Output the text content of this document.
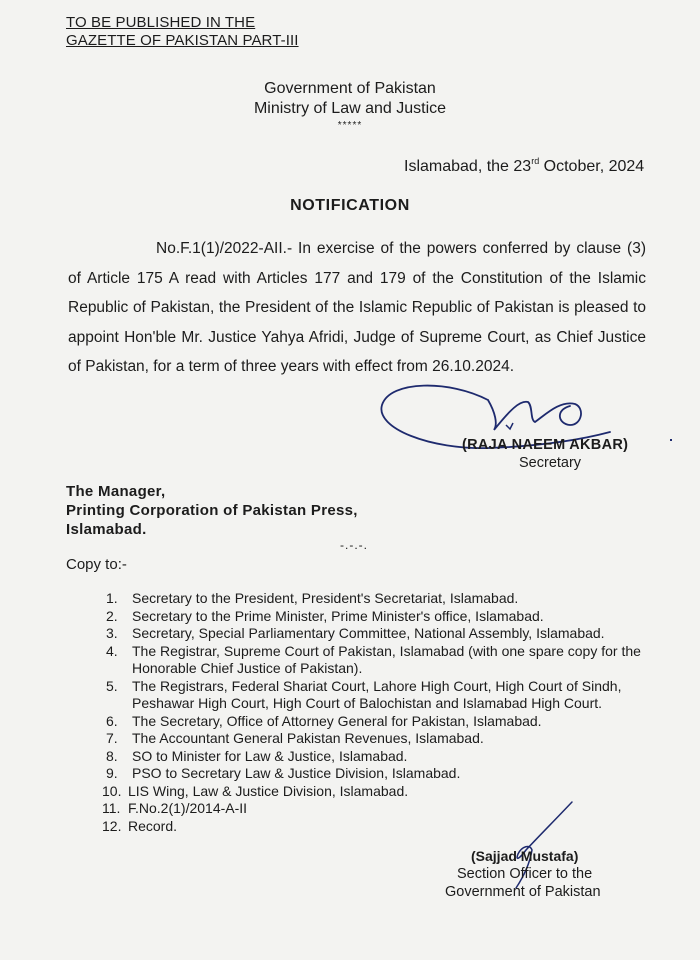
TO BE PUBLISHED IN THE
GAZETTE OF PAKISTAN PART-III
Government of Pakistan
Ministry of Law and Justice
*****
Islamabad, the 23rd October, 2024
NOTIFICATION
No.F.1(1)/2022-AII.- In exercise of the powers conferred by clause (3) of Article 175 A read with Articles 177 and 179 of the Constitution of the Islamic Republic of Pakistan, the President of the Islamic Republic of Pakistan is pleased to appoint Hon'ble Mr. Justice Yahya Afridi, Judge of Supreme Court, as Chief Justice of Pakistan, for a term of three years with effect from 26.10.2024.
(RAJA NAEEM AKBAR)
Secretary
The Manager,
Printing Corporation of Pakistan Press,
Islamabad.
-.-.-.
Copy to:-
1. Secretary to the President, President's Secretariat, Islamabad.
2. Secretary to the Prime Minister, Prime Minister's office, Islamabad.
3. Secretary, Special Parliamentary Committee, National Assembly, Islamabad.
4. The Registrar, Supreme Court of Pakistan, Islamabad (with one spare copy for the Honorable Chief Justice of Pakistan).
5. The Registrars, Federal Shariat Court, Lahore High Court, High Court of Sindh, Peshawar High Court, High Court of Balochistan and Islamabad High Court.
6. The Secretary, Office of Attorney General for Pakistan, Islamabad.
7. The Accountant General Pakistan Revenues, Islamabad.
8. SO to Minister for Law & Justice, Islamabad.
9. PSO to Secretary Law & Justice Division, Islamabad.
10. LIS Wing, Law & Justice Division, Islamabad.
11. F.No.2(1)/2014-A-II
12. Record.
(Sajjad Mustafa)
Section Officer to the
Government of Pakistan
